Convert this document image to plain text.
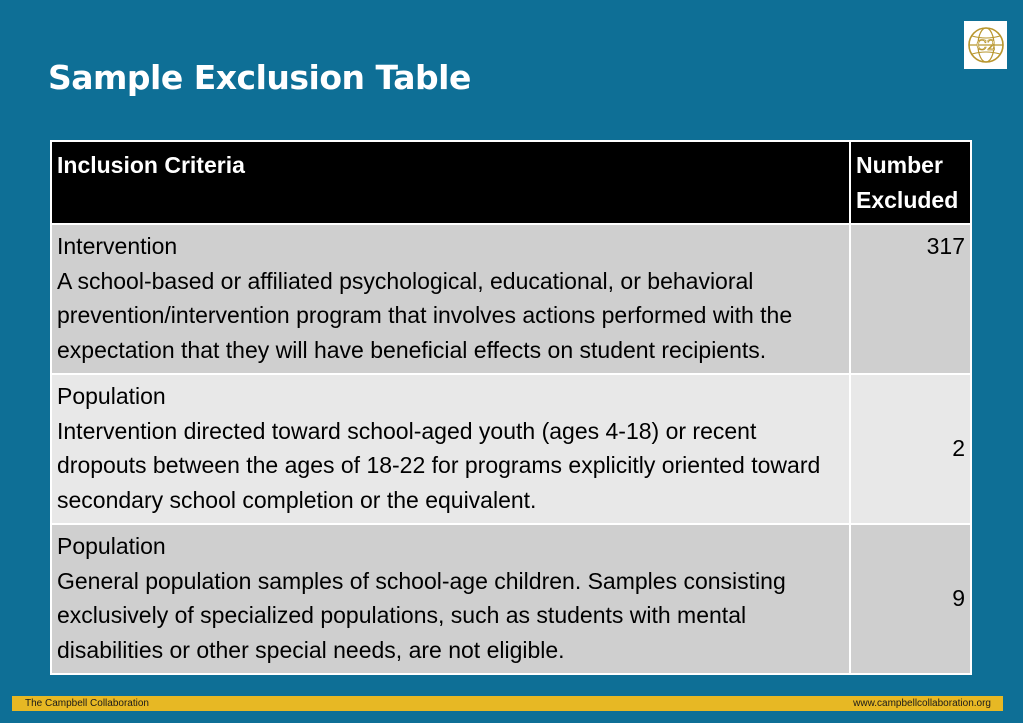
Sample Exclusion Table
C2
Inclusion Criteria	Number
Excluded

Intervention
A school-based or affiliated psychological, educational, or behavioral prevention/intervention program that involves actions performed with the expectation that they will have beneficial effects on student recipients.	317

Population
Intervention directed toward school-aged youth (ages 4-18) or recent dropouts between the ages of 18-22 for programs explicitly oriented toward secondary school completion or the equivalent.	2

Population
General population samples of school-age children. Samples consisting exclusively of specialized populations, such as students with mental disabilities or other special needs, are not eligible.	9
The Campbell Collaboration	www.campbellcollaboration.org
